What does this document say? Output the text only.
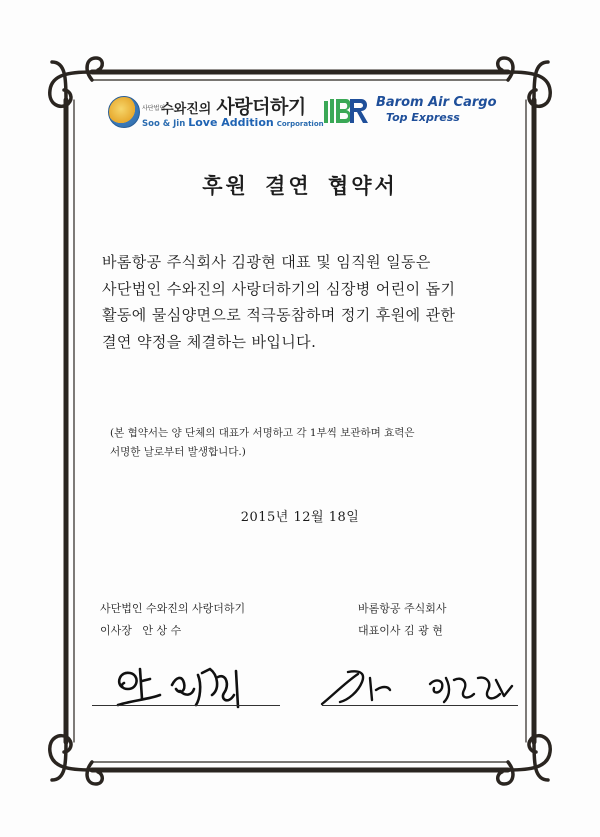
사단법인 수와진의 사랑더하기
Soo & Jin Love Addition Corporation
Barom Air Cargo
Top Express
후원 결연 협약서
바롬항공 주식회사 김광현 대표 및 임직원 일동은
사단법인 수와진의 사랑더하기의 심장병 어린이 돕기
활동에 물심양면으로 적극동참하며 정기 후원에 관한
결연 약정을 체결하는 바입니다.
(본 협약서는 양 단체의 대표가 서명하고 각 1부씩 보관하며 효력은
서명한 날로부터 발생합니다.)
2015년 12월 18일
사단법인 수와진의 사랑더하기
이사장   안 상 수
바롬항공 주식회사
대표이사 김 광 현
